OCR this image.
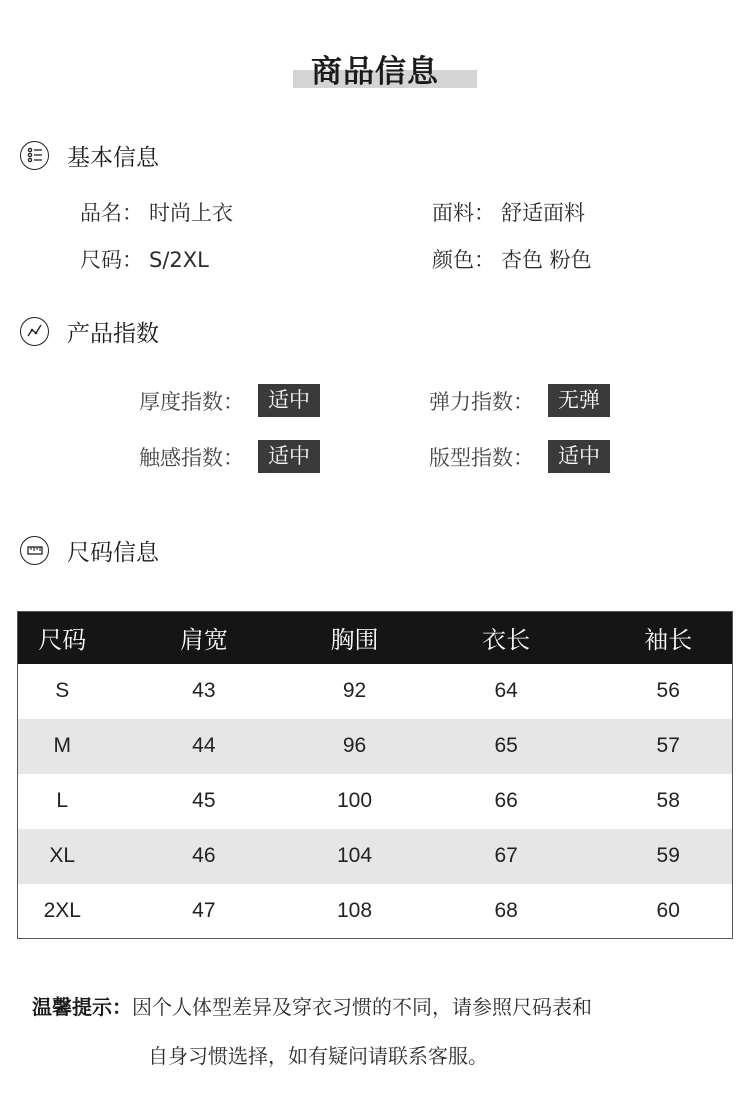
商品信息
基本信息
品名： 时尚上衣	面料： 舒适面料
尺码： S/2XL	颜色： 杏色 粉色
产品指数
厚度指数：	适中	弹力指数：	无弹
触感指数：	适中	版型指数：	适中
尺码信息
尺码	肩宽	胸围	衣长	袖长
S	43	92	64	56
M	44	96	65	57
L	45	100	66	58
XL	46	104	67	59
2XL	47	108	68	60
温馨提示：因个人体型差异及穿衣习惯的不同，请参照尺码表和
自身习惯选择，如有疑问请联系客服。
